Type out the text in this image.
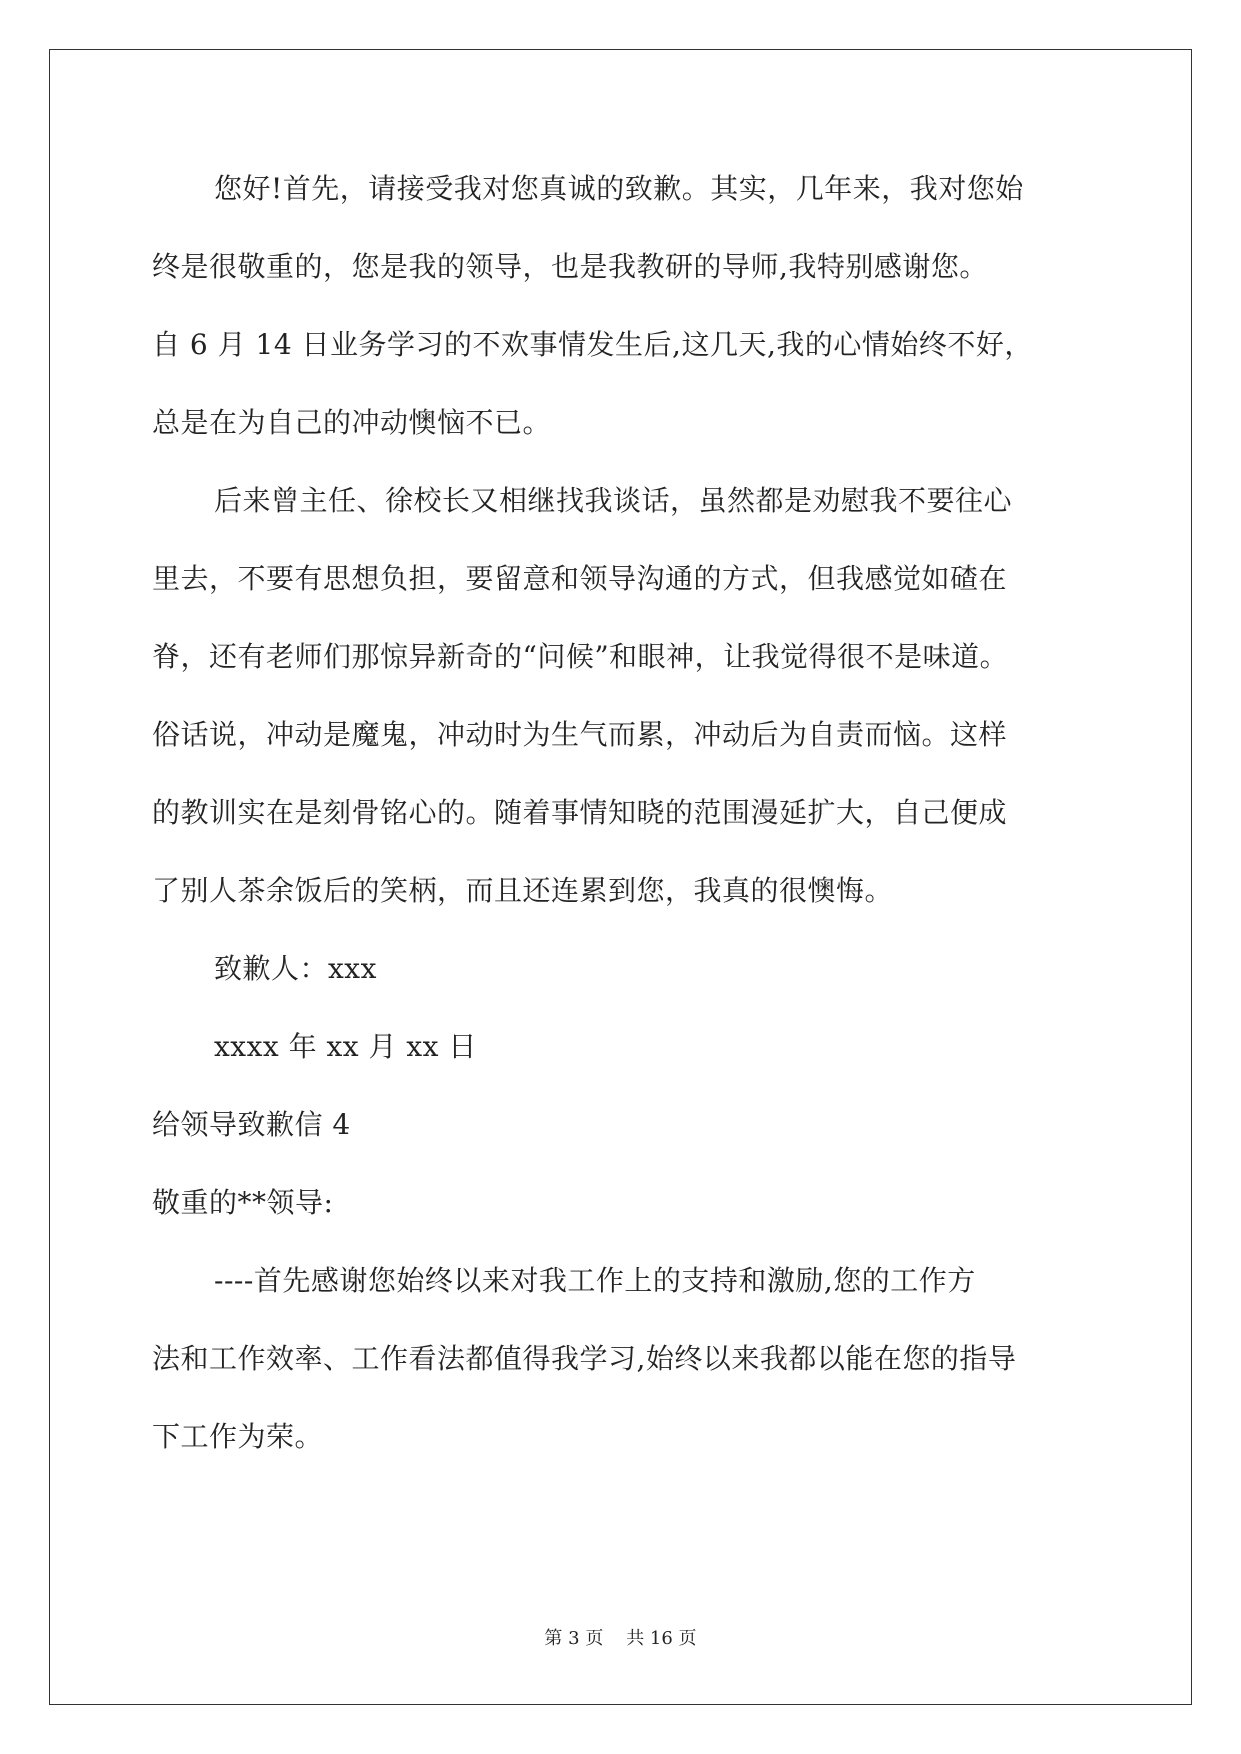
您好!首先，请接受我对您真诚的致歉。其实，几年来，我对您始
终是很敬重的，您是我的领导，也是我教研的导师,我特别感谢您。
自 6 月 14 日业务学习的不欢事情发生后,这几天,我的心情始终不好，
总是在为自己的冲动懊恼不已。
后来曾主任、徐校长又相继找我谈话，虽然都是劝慰我不要往心
里去，不要有思想负担，要留意和领导沟通的方式，但我感觉如碴在
脊，还有老师们那惊异新奇的“问候”和眼神，让我觉得很不是味道。
俗话说，冲动是魔鬼，冲动时为生气而累，冲动后为自责而恼。这样
的教训实在是刻骨铭心的。随着事情知晓的范围漫延扩大，自己便成
了别人茶余饭后的笑柄，而且还连累到您，我真的很懊悔。
致歉人：xxx
xxxx 年 xx 月 xx 日
给领导致歉信 4
敬重的**领导:
----首先感谢您始终以来对我工作上的支持和激励,您的工作方
法和工作效率、工作看法都值得我学习,始终以来我都以能在您的指导
下工作为荣。
第 3 页    共 16 页
